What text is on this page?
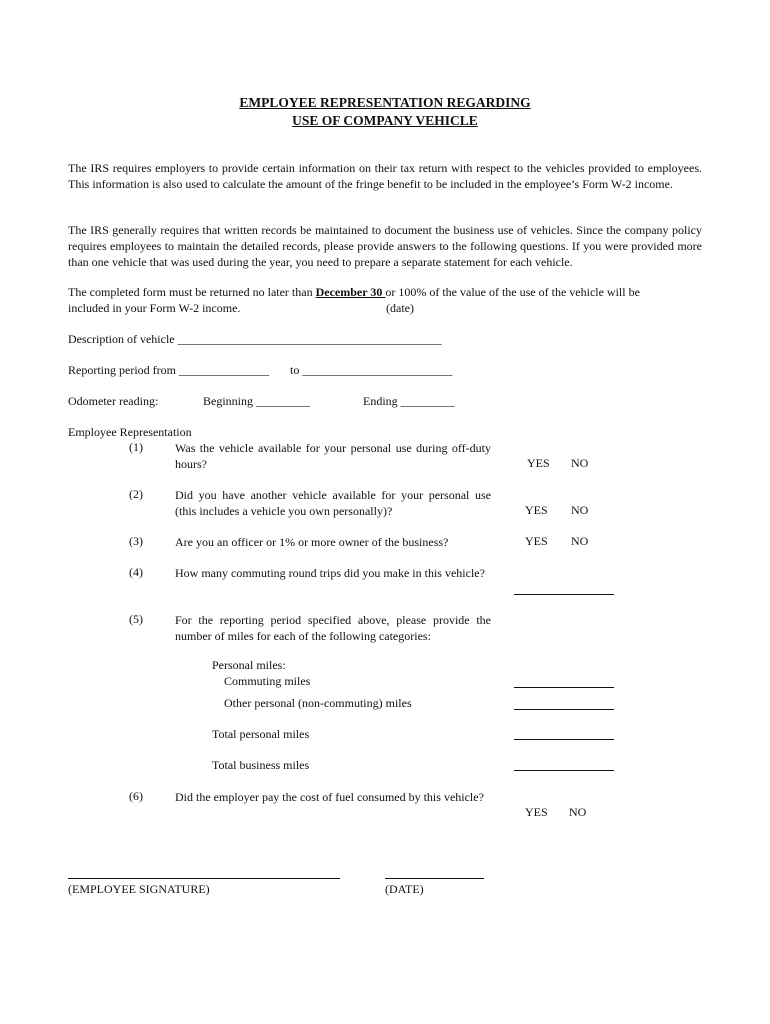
EMPLOYEE REPRESENTATION REGARDING
USE OF COMPANY VEHICLE
The IRS requires employers to provide certain information on their tax return with respect to the vehicles provided to employees. This information is also used to calculate the amount of the fringe benefit to be included in the employee’s Form W-2 income.
The IRS generally requires that written records be maintained to document the business use of vehicles. Since the company policy requires employees to maintain the detailed records, please provide answers to the following questions. If you were provided more than one vehicle that was used during the year, you need to prepare a separate statement for each vehicle.
The completed form must be returned no later than December 30 or 100% of the value of the use of the vehicle will be
included in your Form W-2 income.	(date)
Description of vehicle ____________________________________________
Reporting period from _______________ to _________________________
Odometer reading:	Beginning _________	Ending _________
Employee Representation
(1)	Was the vehicle available for your personal use during off-duty hours?	YES NO
(2)	Did you have another vehicle available for your personal use (this includes a vehicle you own personally)?	YES NO
(3)	Are you an officer or 1% or more owner of the business?	YES NO
(4)	How many commuting round trips did you make in this vehicle?
(5)	For the reporting period specified above, please provide the number of miles for each of the following categories:
Personal miles:
Commuting miles
Other personal (non-commuting) miles
Total personal miles
Total business miles
(6)	Did the employer pay the cost of fuel consumed by this vehicle?
YES NO
(EMPLOYEE SIGNATURE)	(DATE)
